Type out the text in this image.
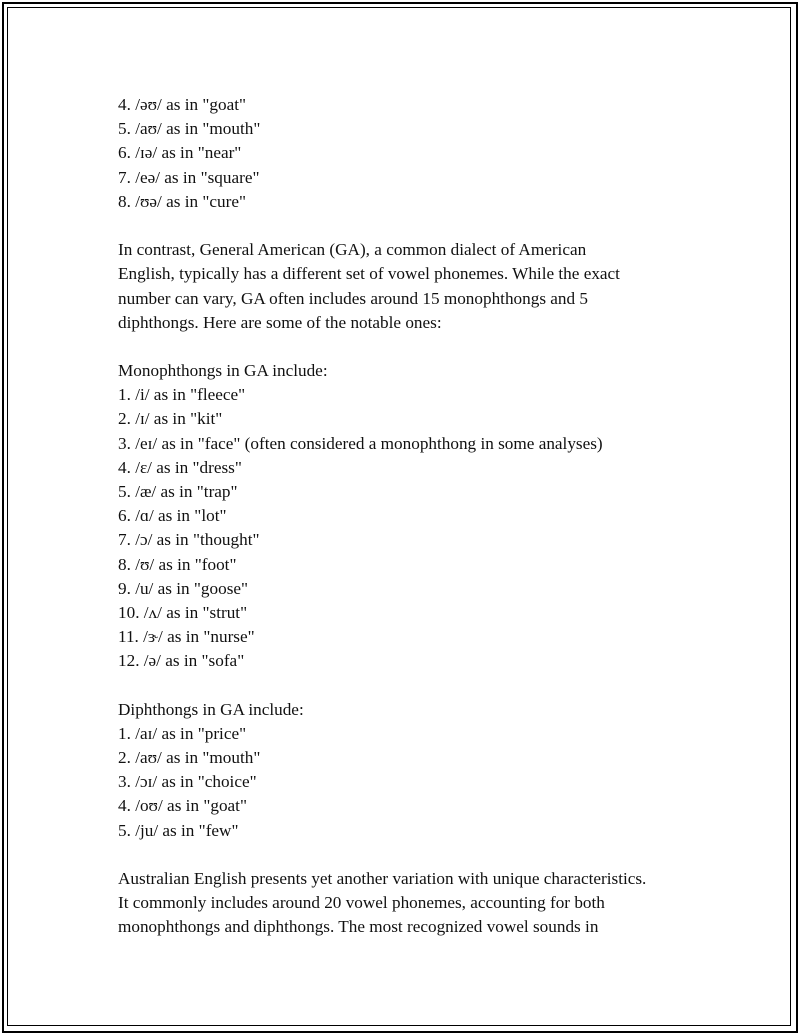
4. /əʊ/ as in "goat"
5. /aʊ/ as in "mouth"
6. /ɪə/ as in "near"
7. /eə/ as in "square"
8. /ʊə/ as in "cure"
In contrast, General American (GA), a common dialect of American
English, typically has a different set of vowel phonemes. While the exact
number can vary, GA often includes around 15 monophthongs and 5
diphthongs. Here are some of the notable ones:
Monophthongs in GA include:
1. /i/ as in "fleece"
2. /ɪ/ as in "kit"
3. /eɪ/ as in "face" (often considered a monophthong in some analyses)
4. /ɛ/ as in "dress"
5. /æ/ as in "trap"
6. /ɑ/ as in "lot"
7. /ɔ/ as in "thought"
8. /ʊ/ as in "foot"
9. /u/ as in "goose"
10. /ʌ/ as in "strut"
11. /ɝ/ as in "nurse"
12. /ə/ as in "sofa"
Diphthongs in GA include:
1. /aɪ/ as in "price"
2. /aʊ/ as in "mouth"
3. /ɔɪ/ as in "choice"
4. /oʊ/ as in "goat"
5. /ju/ as in "few"
Australian English presents yet another variation with unique characteristics.
It commonly includes around 20 vowel phonemes, accounting for both
monophthongs and diphthongs. The most recognized vowel sounds in
